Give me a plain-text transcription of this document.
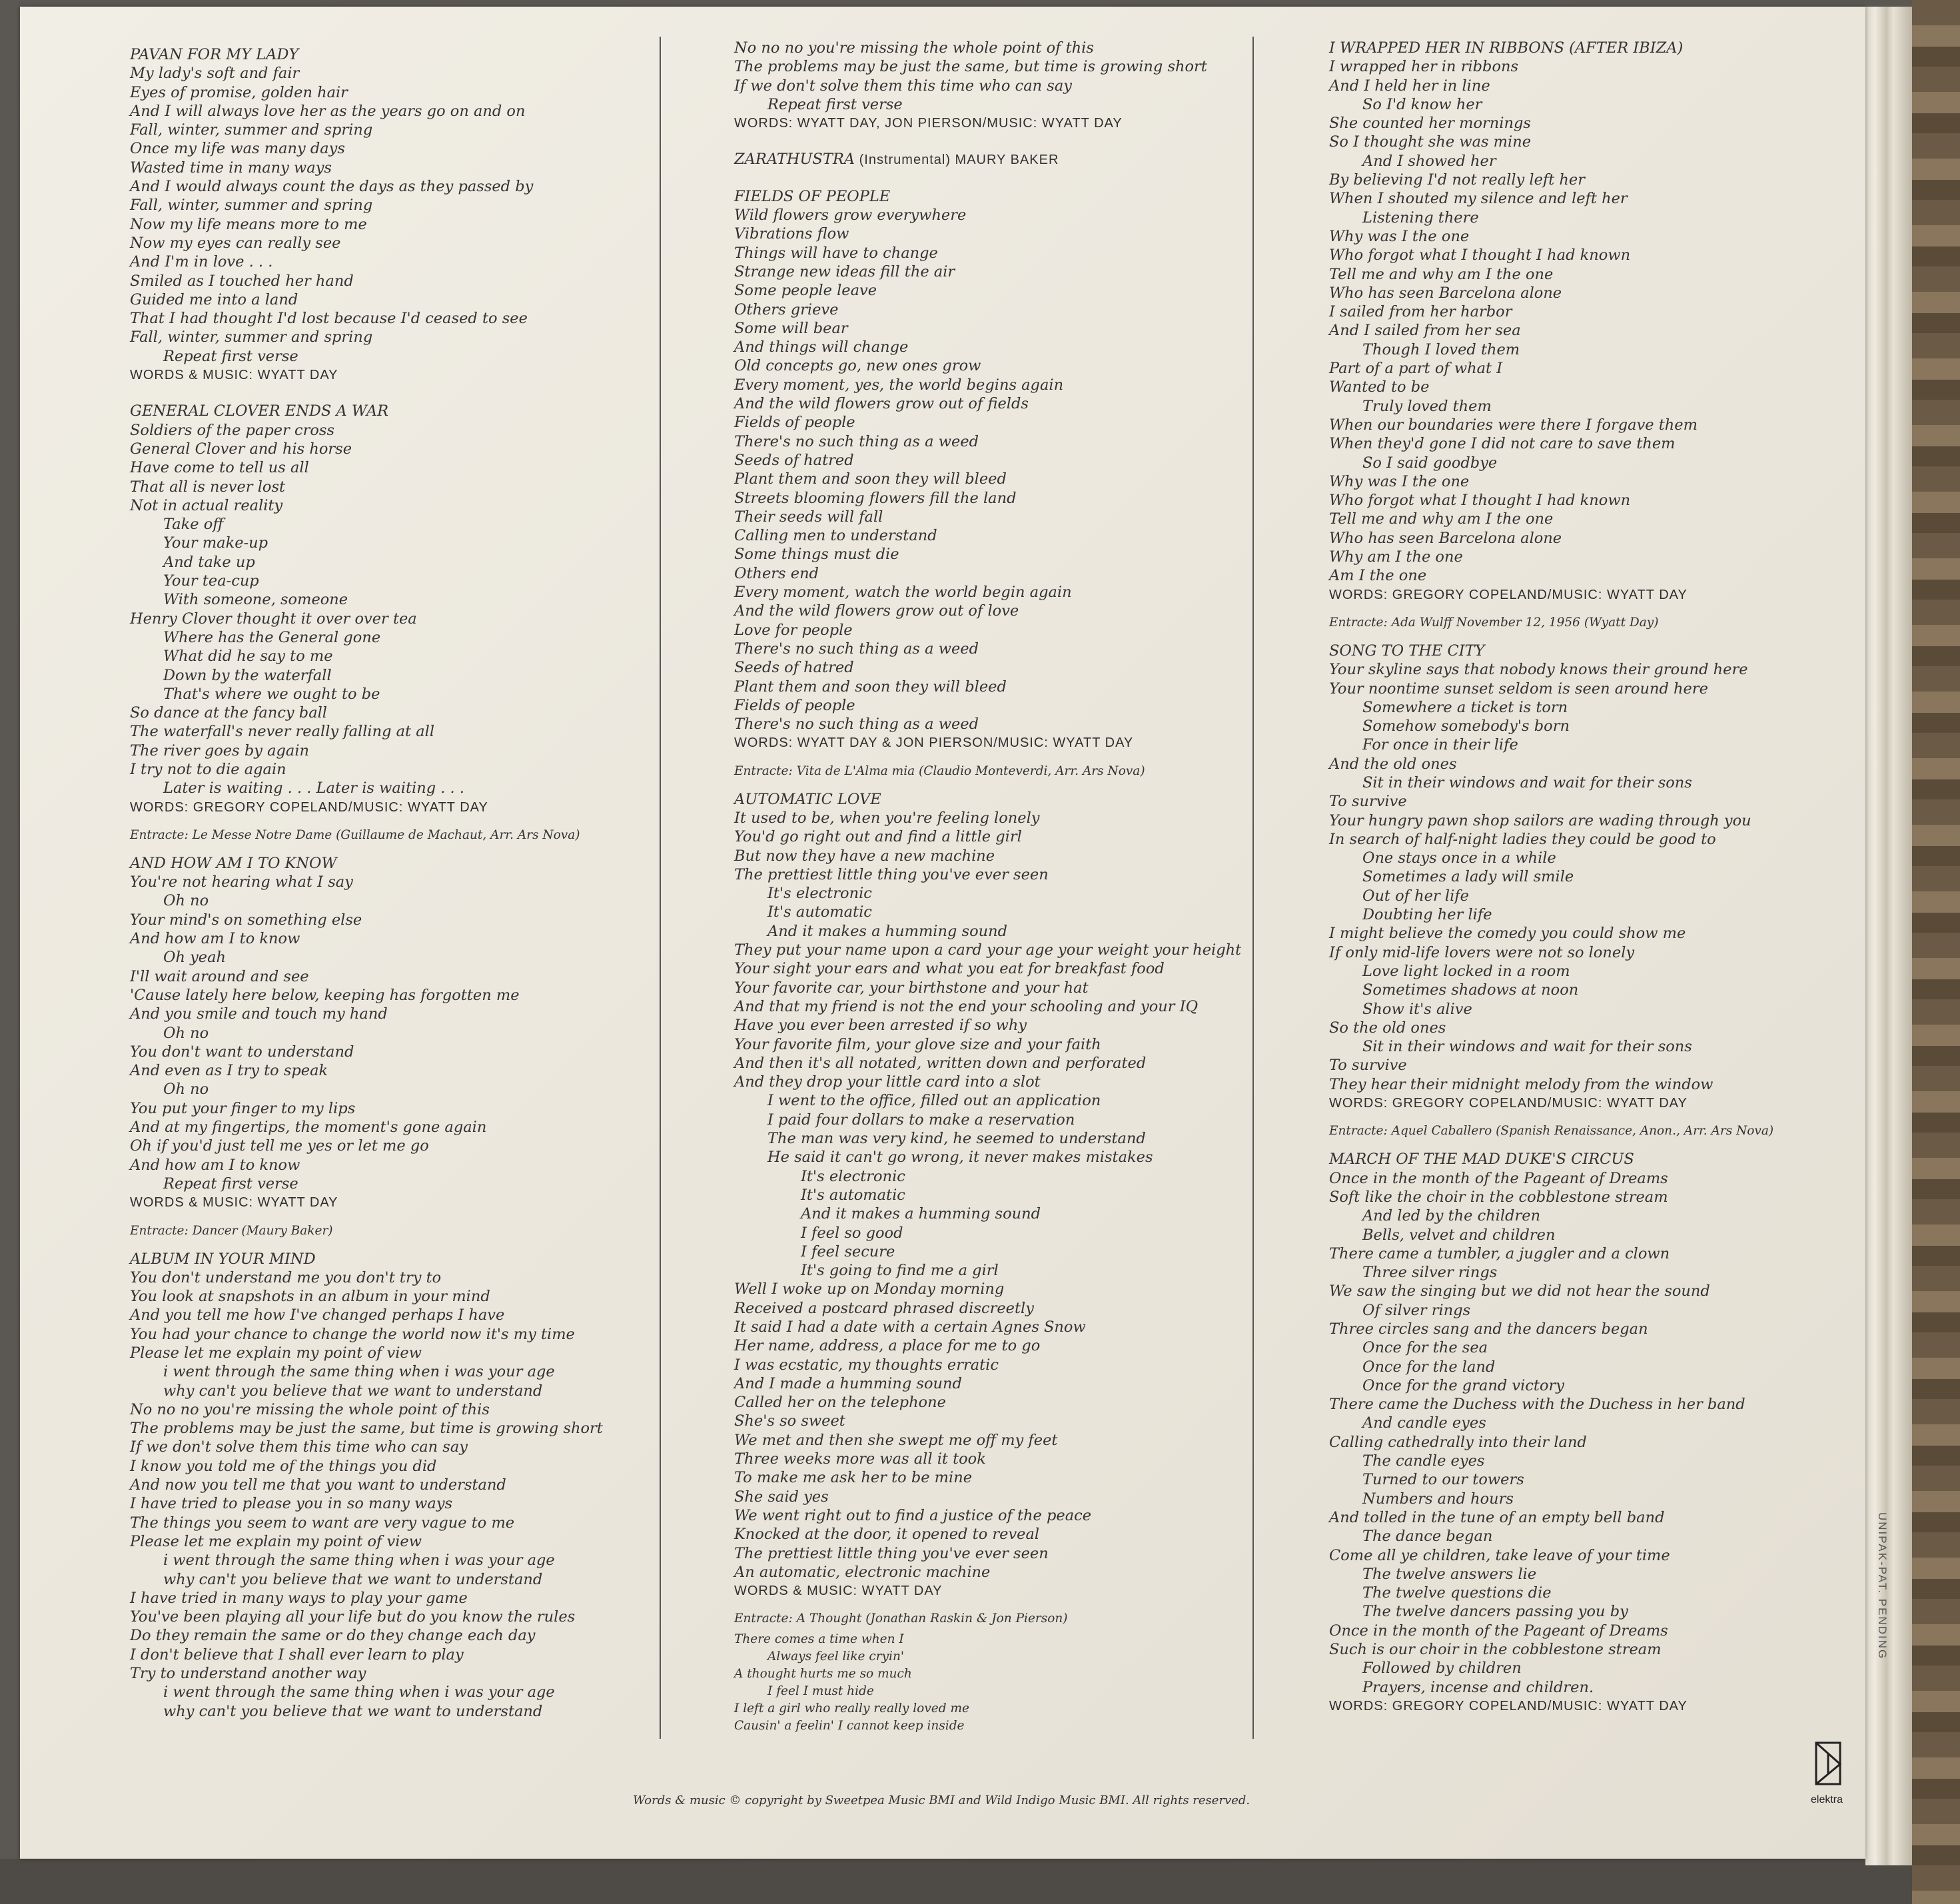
UNIPAK-PAT. PENDING
PAVAN FOR MY LADY
My lady's soft and fair
Eyes of promise, golden hair
And I will always love her as the years go on and on
Fall, winter, summer and spring
Once my life was many days
Wasted time in many ways
And I would always count the days as they passed by
Fall, winter, summer and spring
Now my life means more to me
Now my eyes can really see
And I'm in love . . .
Smiled as I touched her hand
Guided me into a land
That I had thought I'd lost because I'd ceased to see
Fall, winter, summer and spring
Repeat first verse
WORDS & MUSIC: WYATT DAY
GENERAL CLOVER ENDS A WAR
Soldiers of the paper cross
General Clover and his horse
Have come to tell us all
That all is never lost
Not in actual reality
Take off
Your make-up
And take up
Your tea-cup
With someone, someone
Henry Clover thought it over over tea
Where has the General gone
What did he say to me
Down by the waterfall
That's where we ought to be
So dance at the fancy ball
The waterfall's never really falling at all
The river goes by again
I try not to die again
Later is waiting . . . Later is waiting . . .
WORDS: GREGORY COPELAND/MUSIC: WYATT DAY
Entracte: Le Messe Notre Dame (Guillaume de Machaut, Arr. Ars Nova)
AND HOW AM I TO KNOW
You're not hearing what I say
Oh no
Your mind's on something else
And how am I to know
Oh yeah
I'll wait around and see
'Cause lately here below, keeping has forgotten me
And you smile and touch my hand
Oh no
You don't want to understand
And even as I try to speak
Oh no
You put your finger to my lips
And at my fingertips, the moment's gone again
Oh if you'd just tell me yes or let me go
And how am I to know
Repeat first verse
WORDS & MUSIC: WYATT DAY
Entracte: Dancer (Maury Baker)
ALBUM IN YOUR MIND
You don't understand me you don't try to
You look at snapshots in an album in your mind
And you tell me how I've changed perhaps I have
You had your chance to change the world now it's my time
Please let me explain my point of view
i went through the same thing when i was your age
why can't you believe that we want to understand
No no no you're missing the whole point of this
The problems may be just the same, but time is growing short
If we don't solve them this time who can say
I know you told me of the things you did
And now you tell me that you want to understand
I have tried to please you in so many ways
The things you seem to want are very vague to me
Please let me explain my point of view
i went through the same thing when i was your age
why can't you believe that we want to understand
I have tried in many ways to play your game
You've been playing all your life but do you know the rules
Do they remain the same or do they change each day
I don't believe that I shall ever learn to play
Try to understand another way
i went through the same thing when i was your age
why can't you believe that we want to understand
No no no you're missing the whole point of this
The problems may be just the same, but time is growing short
If we don't solve them this time who can say
Repeat first verse
WORDS: WYATT DAY, JON PIERSON/MUSIC: WYATT DAY
ZARATHUSTRA (Instrumental) MAURY BAKER
FIELDS OF PEOPLE
Wild flowers grow everywhere
Vibrations flow
Things will have to change
Strange new ideas fill the air
Some people leave
Others grieve
Some will bear
And things will change
Old concepts go, new ones grow
Every moment, yes, the world begins again
And the wild flowers grow out of fields
Fields of people
There's no such thing as a weed
Seeds of hatred
Plant them and soon they will bleed
Streets blooming flowers fill the land
Their seeds will fall
Calling men to understand
Some things must die
Others end
Every moment, watch the world begin again
And the wild flowers grow out of love
Love for people
There's no such thing as a weed
Seeds of hatred
Plant them and soon they will bleed
Fields of people
There's no such thing as a weed
WORDS: WYATT DAY & JON PIERSON/MUSIC: WYATT DAY
Entracte: Vita de L'Alma mia (Claudio Monteverdi, Arr. Ars Nova)
AUTOMATIC LOVE
It used to be, when you're feeling lonely
You'd go right out and find a little girl
But now they have a new machine
The prettiest little thing you've ever seen
It's electronic
It's automatic
And it makes a humming sound
They put your name upon a card your age your weight your height
Your sight your ears and what you eat for breakfast food
Your favorite car, your birthstone and your hat
And that my friend is not the end your schooling and your IQ
Have you ever been arrested if so why
Your favorite film, your glove size and your faith
And then it's all notated, written down and perforated
And they drop your little card into a slot
I went to the office, filled out an application
I paid four dollars to make a reservation
The man was very kind, he seemed to understand
He said it can't go wrong, it never makes mistakes
It's electronic
It's automatic
And it makes a humming sound
I feel so good
I feel secure
It's going to find me a girl
Well I woke up on Monday morning
Received a postcard phrased discreetly
It said I had a date with a certain Agnes Snow
Her name, address, a place for me to go
I was ecstatic, my thoughts erratic
And I made a humming sound
Called her on the telephone
She's so sweet
We met and then she swept me off my feet
Three weeks more was all it took
To make me ask her to be mine
She said yes
We went right out to find a justice of the peace
Knocked at the door, it opened to reveal
The prettiest little thing you've ever seen
An automatic, electronic machine
WORDS & MUSIC: WYATT DAY
Entracte: A Thought (Jonathan Raskin & Jon Pierson)
There comes a time when I
Always feel like cryin'
A thought hurts me so much
I feel I must hide
I left a girl who really really loved me
Causin' a feelin' I cannot keep inside
I WRAPPED HER IN RIBBONS (AFTER IBIZA)
I wrapped her in ribbons
And I held her in line
So I'd know her
She counted her mornings
So I thought she was mine
And I showed her
By believing I'd not really left her
When I shouted my silence and left her
Listening there
Why was I the one
Who forgot what I thought I had known
Tell me and why am I the one
Who has seen Barcelona alone
I sailed from her harbor
And I sailed from her sea
Though I loved them
Part of a part of what I
Wanted to be
Truly loved them
When our boundaries were there I forgave them
When they'd gone I did not care to save them
So I said goodbye
Why was I the one
Who forgot what I thought I had known
Tell me and why am I the one
Who has seen Barcelona alone
Why am I the one
Am I the one
WORDS: GREGORY COPELAND/MUSIC: WYATT DAY
Entracte: Ada Wulff November 12, 1956 (Wyatt Day)
SONG TO THE CITY
Your skyline says that nobody knows their ground here
Your noontime sunset seldom is seen around here
Somewhere a ticket is torn
Somehow somebody's born
For once in their life
And the old ones
Sit in their windows and wait for their sons
To survive
Your hungry pawn shop sailors are wading through you
In search of half-night ladies they could be good to
One stays once in a while
Sometimes a lady will smile
Out of her life
Doubting her life
I might believe the comedy you could show me
If only mid-life lovers were not so lonely
Love light locked in a room
Sometimes shadows at noon
Show it's alive
So the old ones
Sit in their windows and wait for their sons
To survive
They hear their midnight melody from the window
WORDS: GREGORY COPELAND/MUSIC: WYATT DAY
Entracte: Aquel Caballero (Spanish Renaissance, Anon., Arr. Ars Nova)
MARCH OF THE MAD DUKE'S CIRCUS
Once in the month of the Pageant of Dreams
Soft like the choir in the cobblestone stream
And led by the children
Bells, velvet and children
There came a tumbler, a juggler and a clown
Three silver rings
We saw the singing but we did not hear the sound
Of silver rings
Three circles sang and the dancers began
Once for the sea
Once for the land
Once for the grand victory
There came the Duchess with the Duchess in her band
And candle eyes
Calling cathedrally into their land
The candle eyes
Turned to our towers
Numbers and hours
And tolled in the tune of an empty bell band
The dance began
Come all ye children, take leave of your time
The twelve answers lie
The twelve questions die
The twelve dancers passing you by
Once in the month of the Pageant of Dreams
Such is our choir in the cobblestone stream
Followed by children
Prayers, incense and children.
WORDS: GREGORY COPELAND/MUSIC: WYATT DAY
Words & music © copyright by Sweetpea Music BMI and Wild Indigo Music BMI. All rights reserved.	elektra
